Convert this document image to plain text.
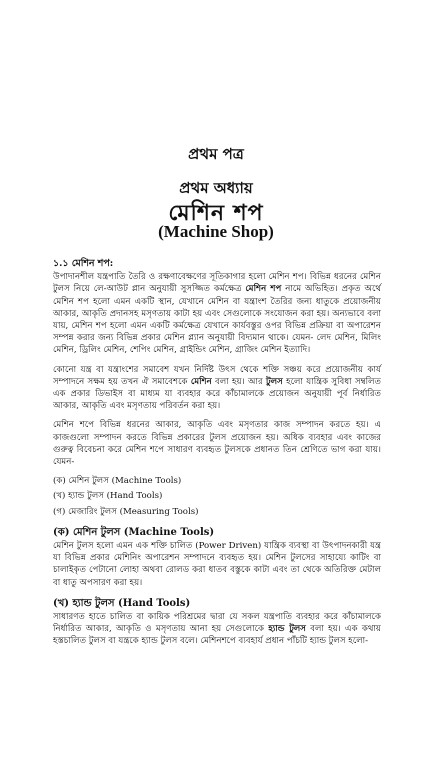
প্রথম পত্র
প্রথম অধ্যায়
মেশিন শপ
(Machine Shop)
১.১ মেশিন শপ:

উপাদানশীল যন্ত্রপাতি তৈরি ও রক্ষণাবেক্ষণের সূতিকাগার হলো মেশিন শপ। বিভিন্ন ধরনের মেশিন টুলস নিয়ে লে-আউট প্লান অনুযায়ী সুসজ্জিত কর্মক্ষেত্র মেশিন শপ নামে অভিহিত। প্রকৃত অর্থে মেশিন শপ হলো এমন একটি স্থান, যেখানে মেশিন বা যন্ত্রাংশ তৈরির জন্য ধাতুকে প্রয়োজনীয় আকার, আকৃতি প্রদানসহ মসৃণতায় কাটা হয় এবং সেগুলোকে সংযোজন করা হয়। অন্যভাবে বলা যায়, মেশিন শপ হলো এমন একটি কর্মক্ষেত্র যেখানে কার্যবস্তুর ওপর বিভিন্ন প্রক্রিয়া বা অপারেশন সম্পন্ন করার জন্য বিভিন্ন প্রকার মেশিন প্ল্যান অনুযায়ী বিদ্যমান থাকে। যেমন- লেদ মেশিন, মিলিং মেশিন, ড্রিলিং মেশিন, শেপিং মেশিন, গ্রাইন্ডিং মেশিন, গ্রাজিং মেশিন ইত্যাদি।

কোনো যন্ত্র বা যন্ত্রাংশের সমাবেশ যখন নির্দিষ্ট উৎস থেকে শক্তি সঞ্চয় করে প্রয়োজনীয় কার্য সম্পাদনে সক্ষম হয় তখন ঐ সমাবেশকে মেশিন বলা হয়। আর টুলস হলো যান্ত্রিক সুবিধা সম্বলিত এক প্রকার ডিভাইস বা মাধ্যম যা ব্যবহার করে কাঁচামালকে প্রয়োজন অনুযায়ী পূর্ব নির্ধারিত আকার, আকৃতি এবং মসৃণতায় পরিবর্তন করা হয়।

মেশিন শপে বিভিন্ন ধরনের আকার, আকৃতি এবং মসৃণতার কাজ সম্পাদন করতে হয়। এ কাজগুলো সম্পাদন করতে বিভিন্ন প্রকারের টুলস প্রয়োজন হয়। অধিক ব্যবহার এবং কাজের গুরুত্ব বিবেচনা করে মেশিন শপে সাধারণ ব্যবহৃত টুলসকে প্রধানত তিন শ্রেণিতে ভাগ করা যায়। যেমন-

(ক) মেশিন টুলস (Machine Tools)
(খ) হ্যান্ড টুলস (Hand Tools)
(গ) মেজারিং টুলস (Measuring Tools)
(ক) মেশিন টুলস (Machine Tools)

মেশিন টুলস হলো এমন এক শক্তি চালিত (Power Driven) যান্ত্রিক ব্যবস্থা বা উৎপাদনকারী যন্ত্র যা বিভিন্ন প্রকার মেশিনিং অপারেশন সম্পাদনে ব্যবহৃত হয়। মেশিন টুলসের সাহায্যে কাটিং বা চালাইকৃত পেটানো লোহা অথবা রোলড করা ধাতব বস্তুকে কাটা এবং তা থেকে অতিরিক্ত মেটাল বা ধাতু অপসারণ করা হয়।

(খ) হ্যান্ড টুলস (Hand Tools)

সাধারণত হাতে চালিত বা কায়িক পরিশ্রমের দ্বারা যে সকল যন্ত্রপাতি ব্যবহার করে কাঁচামালকে নির্ধারিত আকার, আকৃতি ও মসৃণতায় আনা হয় সেগুলোকে হ্যান্ড টুলস বলা হয়। এক কথায় হস্তচালিত টুলস বা যন্ত্রকে হ্যান্ড টুলস বলে। মেশিনশপে ব্যবহার্য প্রধান পাঁচটি হ্যান্ড টুলস হলো-
